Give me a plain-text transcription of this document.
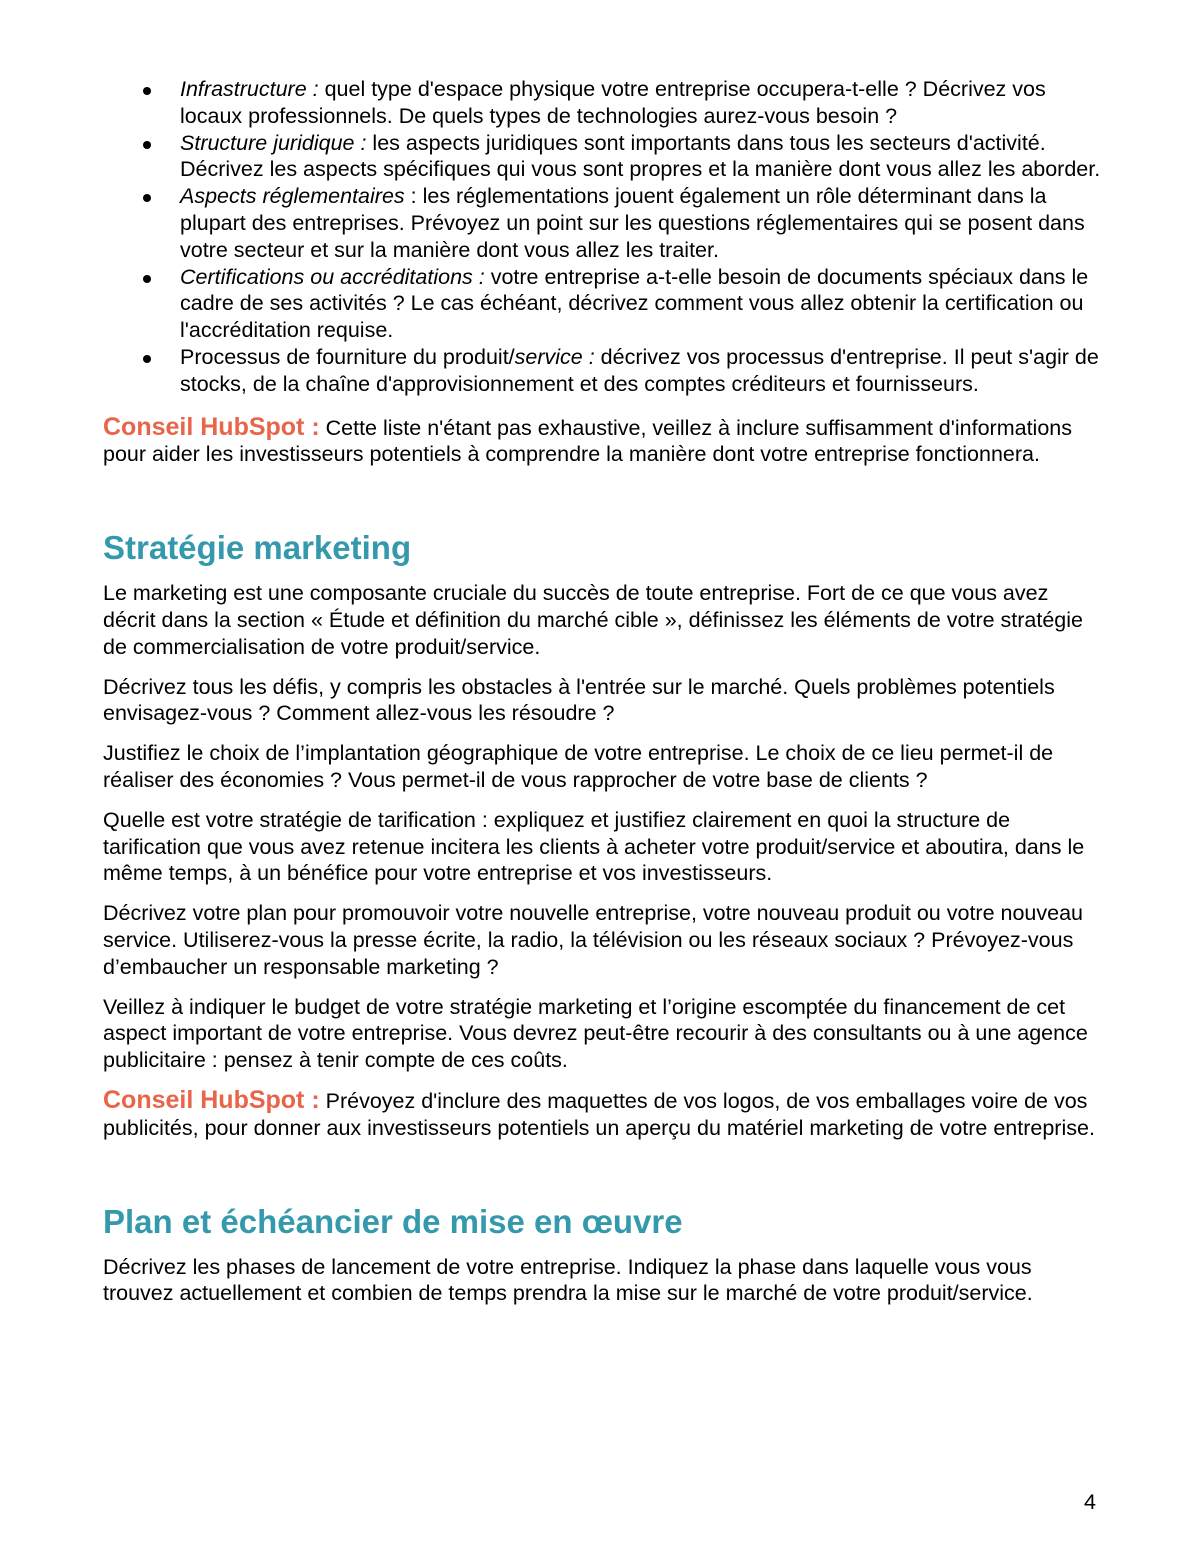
Infrastructure : quel type d'espace physique votre entreprise occupera-t-elle ? Décrivez vos locaux professionnels. De quels types de technologies aurez-vous besoin ?
Structure juridique : les aspects juridiques sont importants dans tous les secteurs d'activité. Décrivez les aspects spécifiques qui vous sont propres et la manière dont vous allez les aborder.
Aspects réglementaires : les réglementations jouent également un rôle déterminant dans la plupart des entreprises. Prévoyez un point sur les questions réglementaires qui se posent dans votre secteur et sur la manière dont vous allez les traiter.
Certifications ou accréditations : votre entreprise a-t-elle besoin de documents spéciaux dans le cadre de ses activités ? Le cas échéant, décrivez comment vous allez obtenir la certification ou l'accréditation requise.
Processus de fourniture du produit/service : décrivez vos processus d'entreprise. Il peut s'agir de stocks, de la chaîne d'approvisionnement et des comptes créditeurs et fournisseurs.

Conseil HubSpot : Cette liste n'étant pas exhaustive, veillez à inclure suffisamment d'informations pour aider les investisseurs potentiels à comprendre la manière dont votre entreprise fonctionnera.

Stratégie marketing

Le marketing est une composante cruciale du succès de toute entreprise. Fort de ce que vous avez décrit dans la section « Étude et définition du marché cible », définissez les éléments de votre stratégie de commercialisation de votre produit/service.

Décrivez tous les défis, y compris les obstacles à l'entrée sur le marché. Quels problèmes potentiels envisagez-vous ? Comment allez-vous les résoudre ?

Justifiez le choix de l’implantation géographique de votre entreprise. Le choix de ce lieu permet-il de réaliser des économies ? Vous permet-il de vous rapprocher de votre base de clients ?

Quelle est votre stratégie de tarification : expliquez et justifiez clairement en quoi la structure de tarification que vous avez retenue incitera les clients à acheter votre produit/service et aboutira, dans le même temps, à un bénéfice pour votre entreprise et vos investisseurs.

Décrivez votre plan pour promouvoir votre nouvelle entreprise, votre nouveau produit ou votre nouveau service. Utiliserez-vous la presse écrite, la radio, la télévision ou les réseaux sociaux ? Prévoyez-vous d’embaucher un responsable marketing ?

Veillez à indiquer le budget de votre stratégie marketing et l’origine escomptée du financement de cet aspect important de votre entreprise. Vous devrez peut-être recourir à des consultants ou à une agence publicitaire : pensez à tenir compte de ces coûts.

Conseil HubSpot : Prévoyez d'inclure des maquettes de vos logos, de vos emballages voire de vos publicités, pour donner aux investisseurs potentiels un aperçu du matériel marketing de votre entreprise.

Plan et échéancier de mise en œuvre

Décrivez les phases de lancement de votre entreprise. Indiquez la phase dans laquelle vous vous trouvez actuellement et combien de temps prendra la mise sur le marché de votre produit/service.

4
